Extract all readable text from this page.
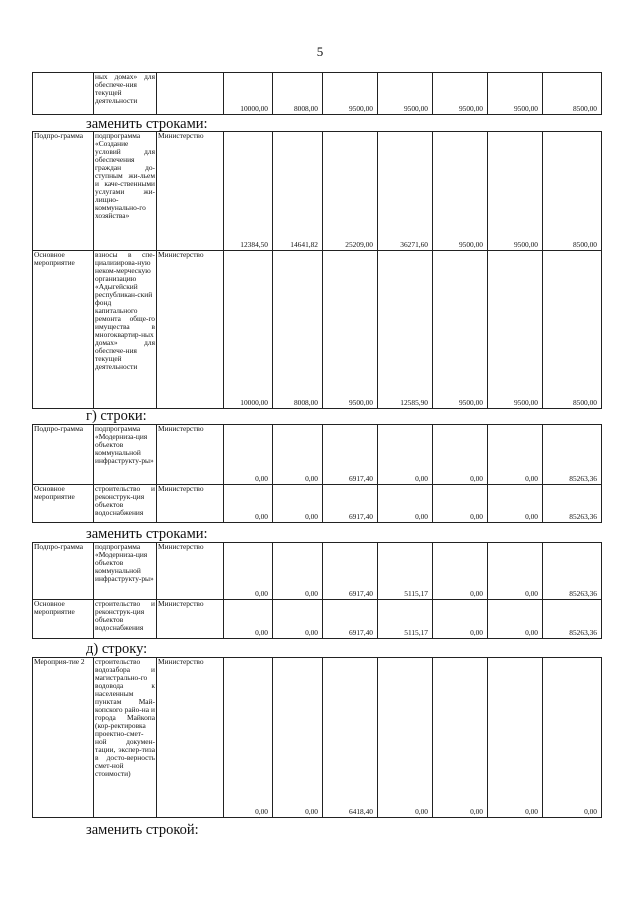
5
	ных домах» для обеспече-ния текущей деятельности		10000,00	8008,00	9500,00	9500,00	9500,00	9500,00	8500,00
заменить строками:
Подпро-грамма	подпрограмма «Создание условий для обеспечения граждан до-ступным жи-льем и каче-ственными услугами жи-лищно-коммунально-го хозяйства»	Министерство	12384,50	14641,82	25209,00	36271,60	9500,00	9500,00	8500,00
Основное мероприятие	взносы в спе-циализирова-ную неком-мерческую организацию «Адыгейский республикан-ский фонд капитального ремонта обще-го имущества в многоквартир-ных домах» для обеспече-ния текущей деятельности	Министерство	10000,00	8008,00	9500,00	12585,90	9500,00	9500,00	8500,00
г) строки:
Подпро-грамма	подпрограмма «Модерниза-ция объектов коммунальной инфраструкту-ры»	Министерство	0,00	0,00	6917,40	0,00	0,00	0,00	85263,36
Основное мероприятие	строительство и реконструк-ция объектов водоснабжения	Министерство	0,00	0,00	6917,40	0,00	0,00	0,00	85263,36
заменить строками:
Подпро-грамма	подпрограмма «Модерниза-ция объектов коммунальной инфраструкту-ры»	Министерство	0,00	0,00	6917,40	5115,17	0,00	0,00	85263,36
Основное мероприятие	строительство и реконструк-ция объектов водоснабжения	Министерство	0,00	0,00	6917,40	5115,17	0,00	0,00	85263,36
д) строку:
Мероприя-тие 2	строительство водозабора и магистрально-го водовода к населенным пунктам Май-копского райо-на и города Майкопа (кор-ректировка проектно-смет-ной докумен-тации, экспер-тиза в досто-верность смет-ной стоимости)	Министерство	0,00	0,00	6418,40	0,00	0,00	0,00	0,00
заменить строкой:
